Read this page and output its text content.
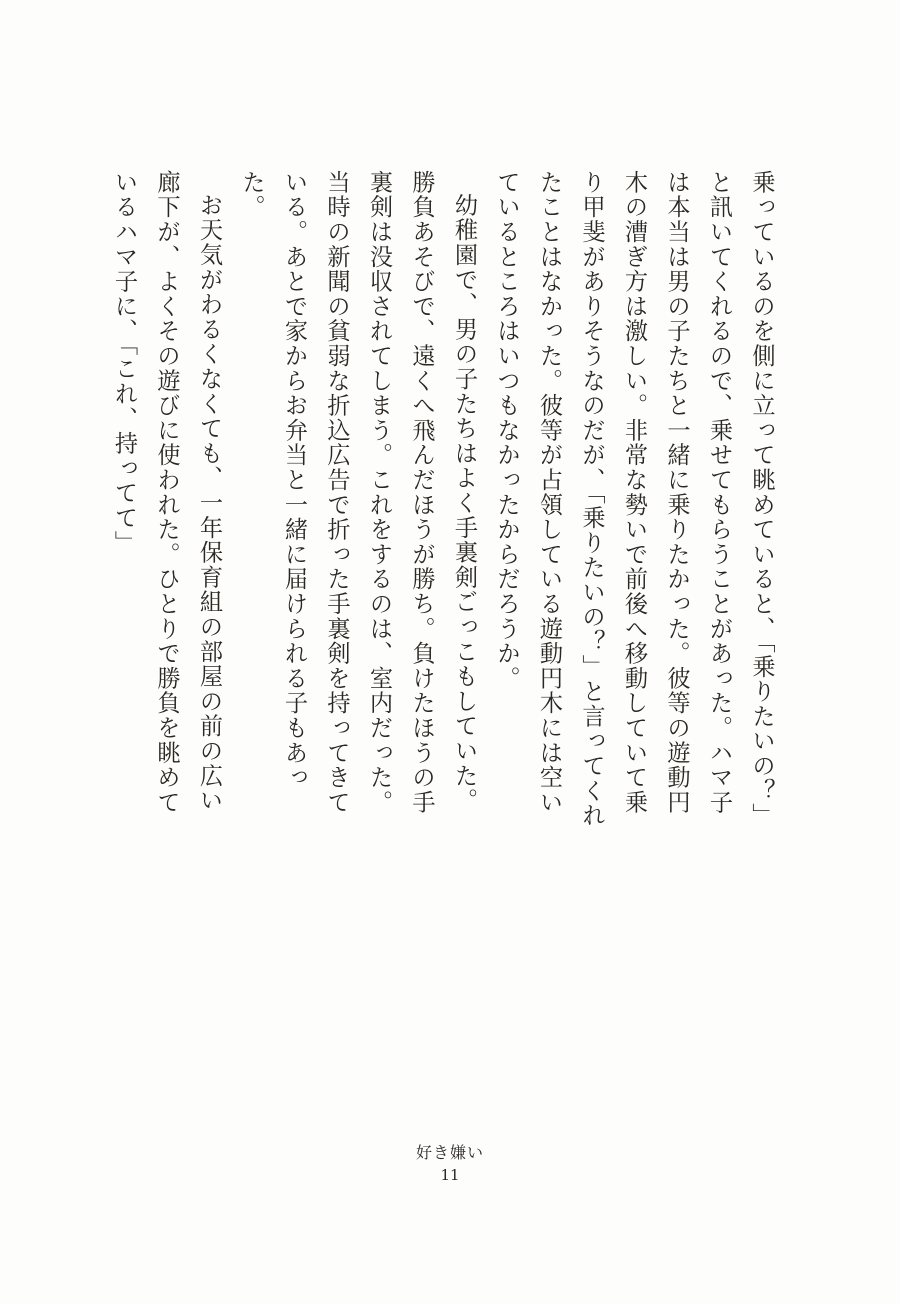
乗っているのを側に立って眺めていると、「乗りたいの？」と訊いてくれるので、乗せてもらうことがあった。ハマ子は本当は男の子たちと一緒に乗りたかった。彼等の遊動円木の漕ぎ方は激しい。非常な勢いで前後へ移動していて乗り甲斐がありそうなのだが、「乗りたいの？」と言ってくれたことはなかった。彼等が占領している遊動円木には空いているところはいつもなかったからだろうか。

幼稚園で、男の子たちはよく手裏剣ごっこもしていた。勝負あそびで、遠くへ飛んだほうが勝ち。負けたほうの手裏剣は没収されてしまう。これをするのは、室内だった。当時の新聞の貧弱な折込広告で折った手裏剣を持ってきている。あとで家からお弁当と一緒に届けられる子もあった。

お天気がわるくなくても、一年保育組の部屋の前の広い廊下が、よくその遊びに使われた。ひとりで勝負を眺めているハマ子に、「これ、持ってて」

好き嫌い
11
